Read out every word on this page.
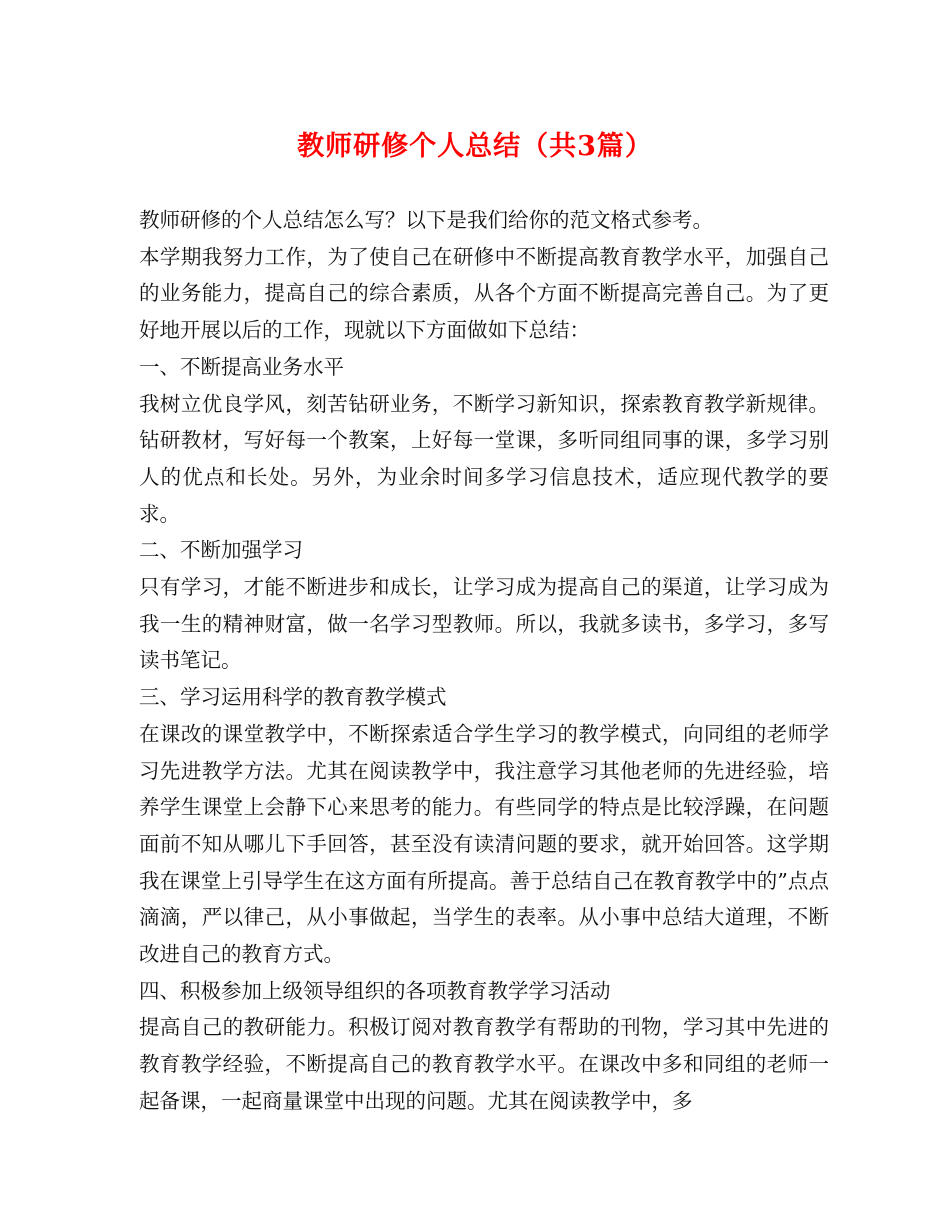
教师研修个人总结（共3篇）

教师研修的个人总结怎么写？以下是我们给你的范文格式参考。

本学期我努力工作，为了使自己在研修中不断提高教育教学水平，加强自己的业务能力，提高自己的综合素质，从各个方面不断提高完善自己。为了更好地开展以后的工作，现就以下方面做如下总结：

一、不断提高业务水平

我树立优良学风，刻苦钻研业务，不断学习新知识，探索教育教学新规律。钻研教材，写好每一个教案，上好每一堂课，多听同组同事的课，多学习别人的优点和长处。另外，为业余时间多学习信息技术，适应现代教学的要求。

二、不断加强学习

只有学习，才能不断进步和成长，让学习成为提高自己的渠道，让学习成为我一生的精神财富，做一名学习型教师。所以，我就多读书，多学习，多写读书笔记。

三、学习运用科学的教育教学模式

在课改的课堂教学中，不断探索适合学生学习的教学模式，向同组的老师学习先进教学方法。尤其在阅读教学中，我注意学习其他老师的先进经验，培养学生课堂上会静下心来思考的能力。有些同学的特点是比较浮躁，在问题面前不知从哪儿下手回答，甚至没有读清问题的要求，就开始回答。这学期我在课堂上引导学生在这方面有所提高。善于总结自己在教育教学中的”点点滴滴，严以律己，从小事做起，当学生的表率。从小事中总结大道理，不断改进自己的教育方式。

四、积极参加上级领导组织的各项教育教学学习活动

提高自己的教研能力。积极订阅对教育教学有帮助的刊物，学习其中先进的教育教学经验，不断提高自己的教育教学水平。在课改中多和同组的老师一起备课，一起商量课堂中出现的问题。尤其在阅读教学中，多
